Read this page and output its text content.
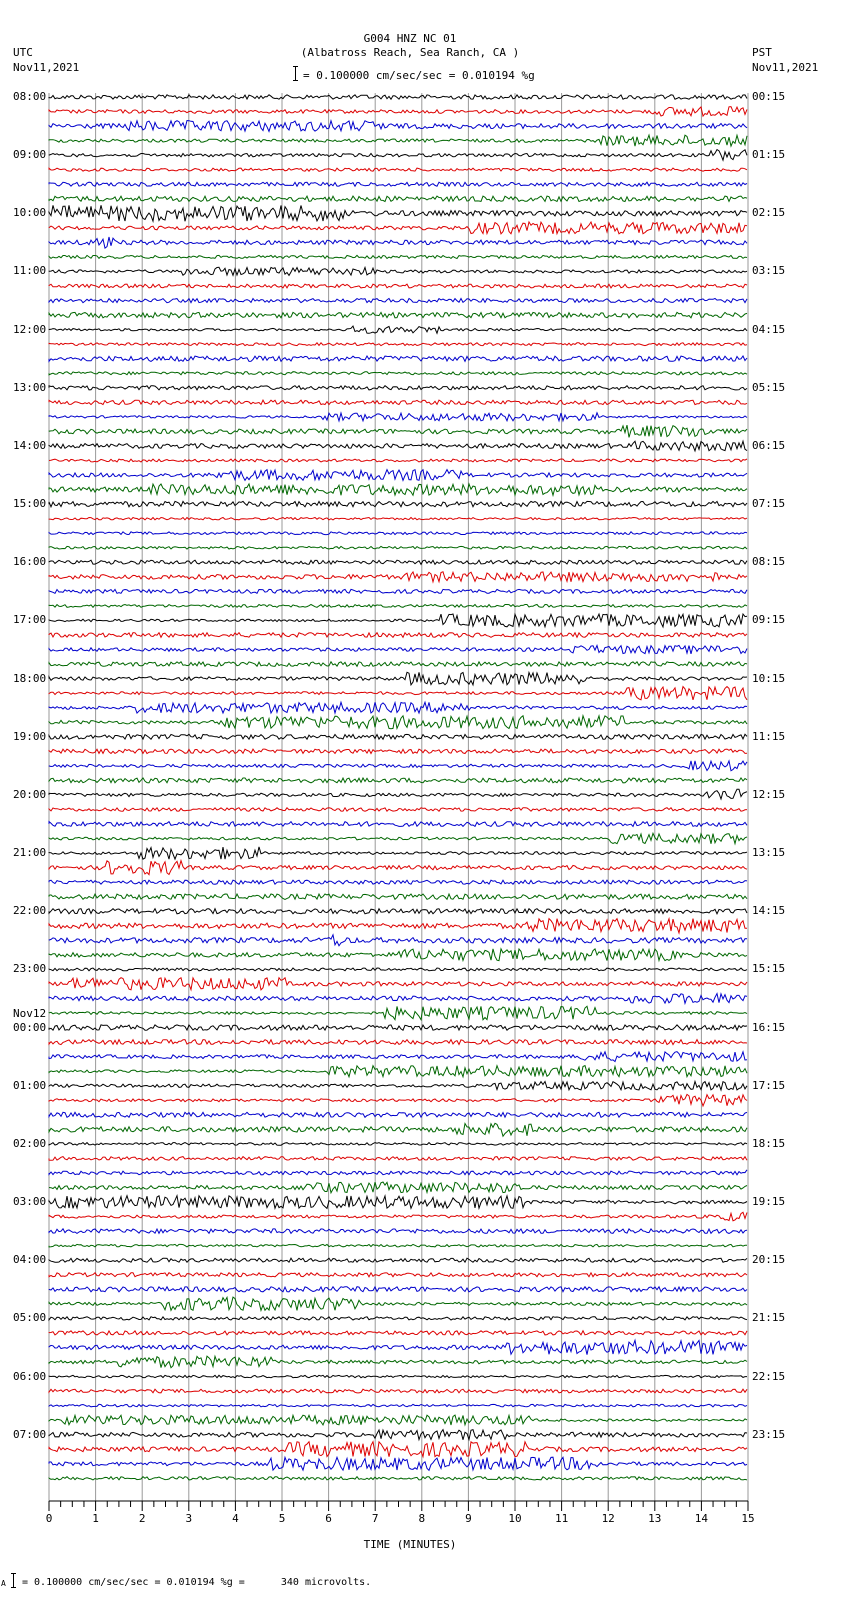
0	1	2	3	4	5	6	7	8	9	10	11	12	13	14	15
G004 HNZ NC 01
(Albatross Reach, Sea Ranch, CA )
= 0.100000 cm/sec/sec = 0.010194 %g
UTC
Nov11,2021
PST
Nov11,2021
08:00
09:00
10:00
11:00
12:00
13:00
14:00
15:00
16:00
17:00
18:00
19:00
20:00
21:00
22:00
23:00
00:00
Nov12
01:00
02:00
03:00
04:00
05:00
06:00
07:00
00:15
01:15
02:15
03:15
04:15
05:15
06:15
07:15
08:15
09:15
10:15
11:15
12:15
13:15
14:15
15:15
16:15
17:15
18:15
19:15
20:15
21:15
22:15
23:15
TIME (MINUTES)
A = 0.100000 cm/sec/sec = 0.010194 %g =      340 microvolts.
